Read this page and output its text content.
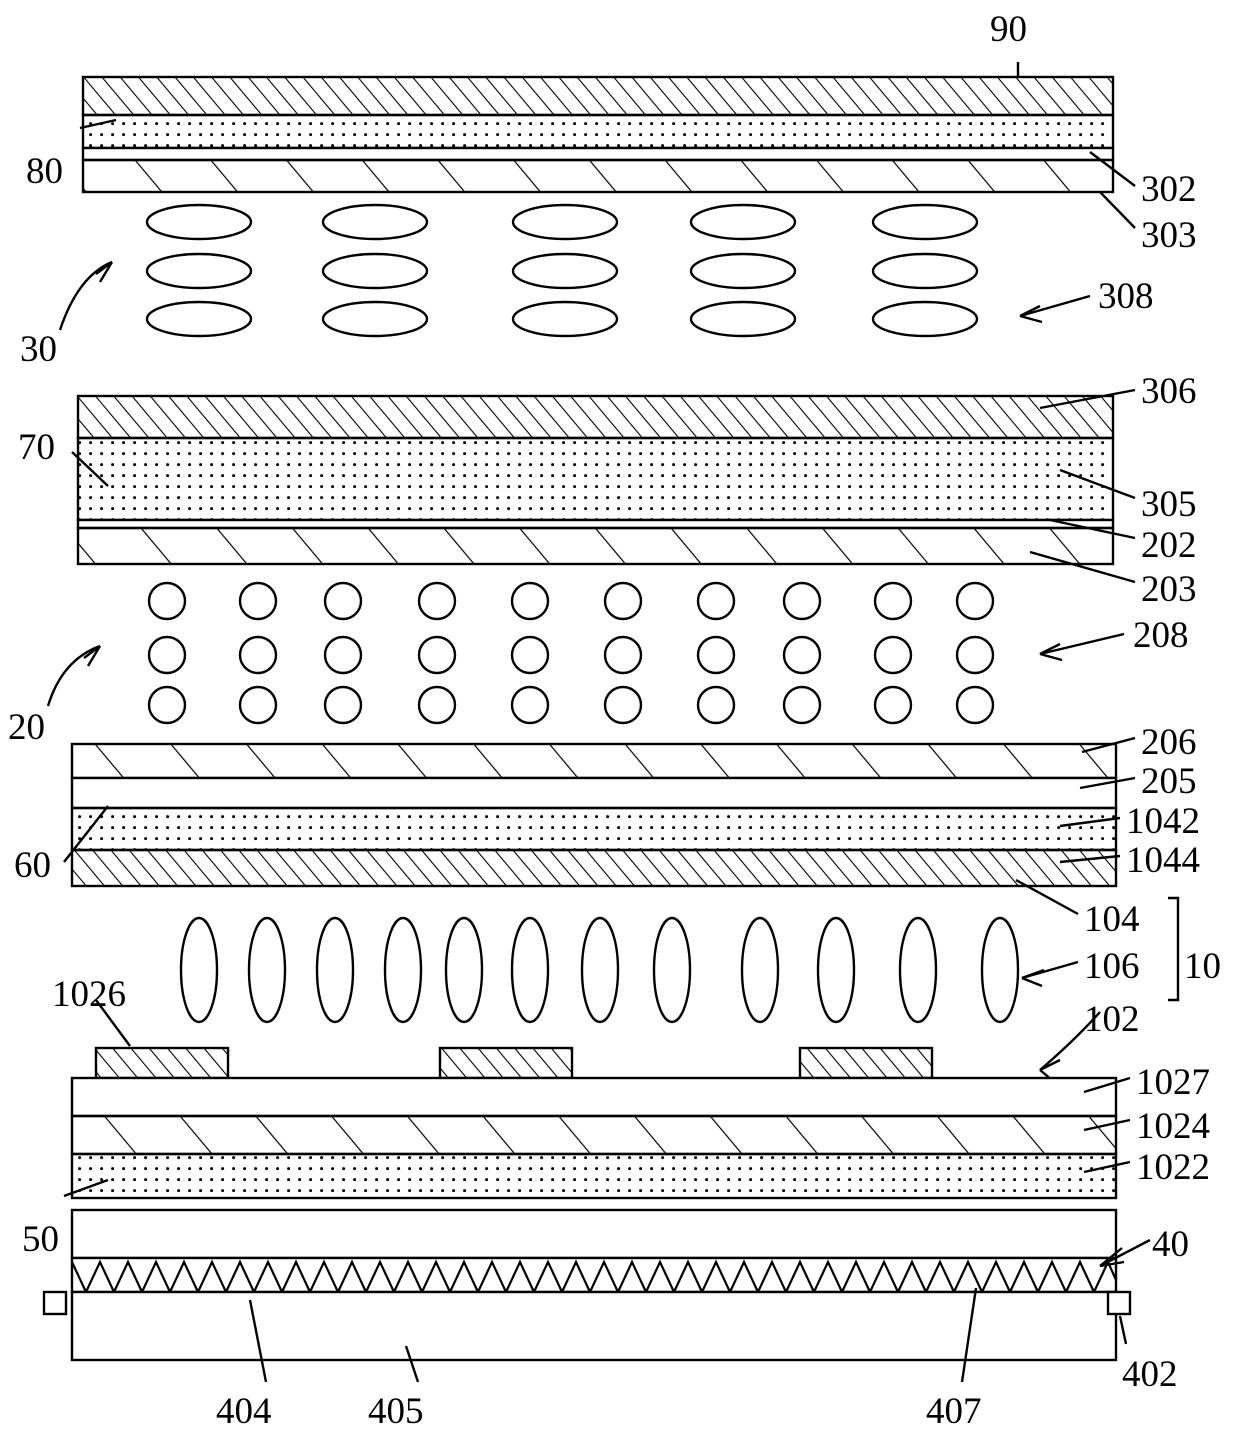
90
80	302
303
308
30
306
70
305
202
203
208
20	206
205
1042
1044
60
104
106 10
102
1026
1027
1024
1022
50	40
402
404	405	407
